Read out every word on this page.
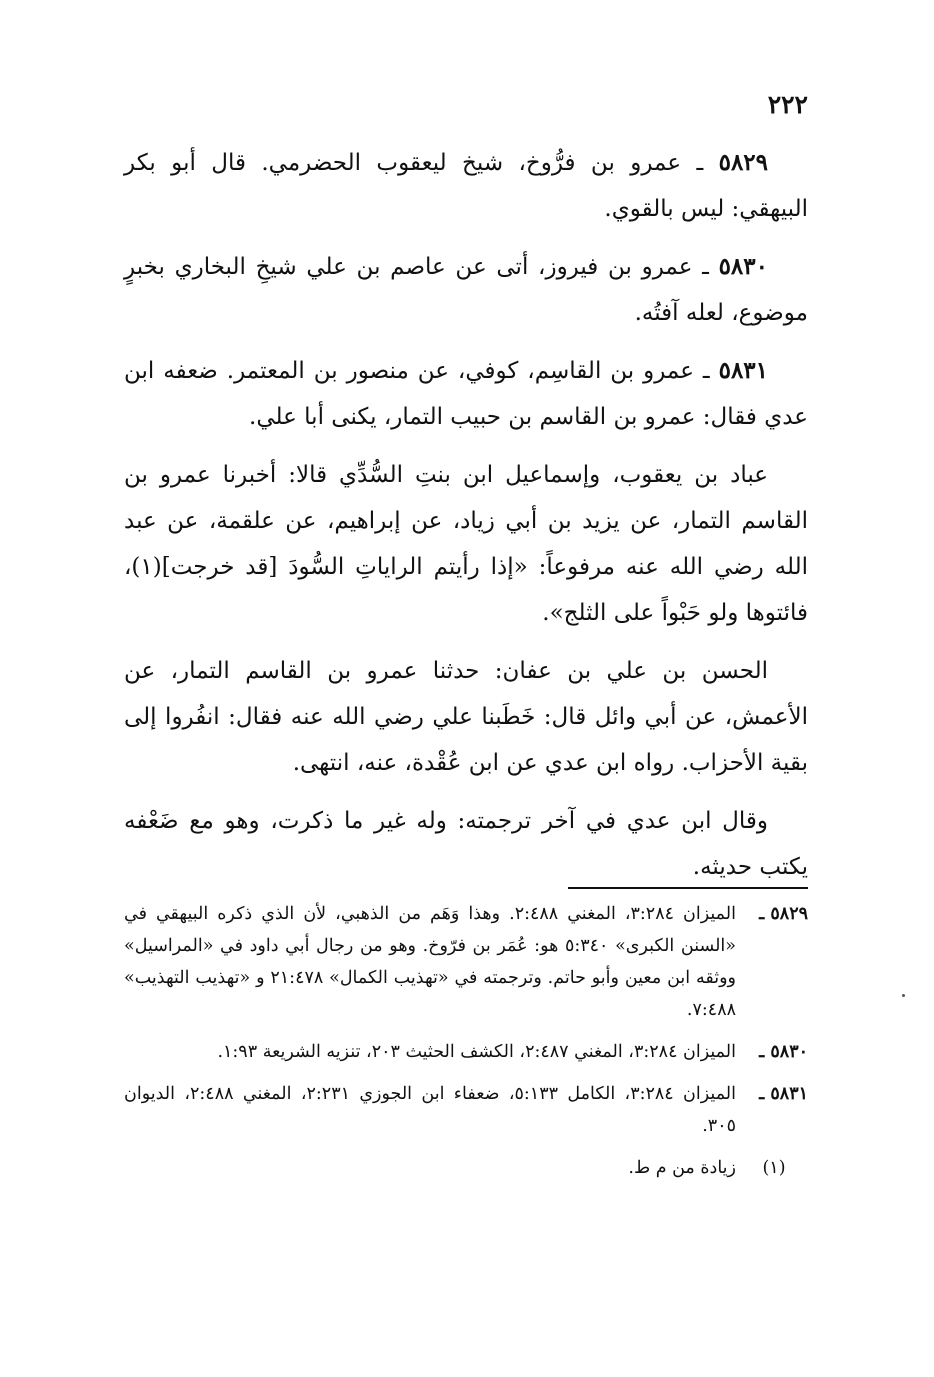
٢٢٢

٥٨٢٩ ـ عمرو بن فرُّوخ، شيخ ليعقوب الحضرمي. قال أبو بكر البيهقي: ليس بالقوي.

٥٨٣٠ ـ عمرو بن فيروز، أتى عن عاصم بن علي شيخِ البخاري بخبرٍ موضوع، لعله آفتُه.

٥٨٣١ ـ عمرو بن القاسِم، كوفي، عن منصور بن المعتمر. ضعفه ابن عدي فقال: عمرو بن القاسم بن حبيب التمار، يكنى أبا علي.

عباد بن يعقوب، وإسماعيل ابن بنتِ السُّدِّي قالا: أخبرنا عمرو بن القاسم التمار، عن يزيد بن أبي زياد، عن إبراهيم، عن علقمة، عن عبد الله رضي الله عنه مرفوعاً: «إذا رأيتم الراياتِ السُّودَ [قد خرجت](١)، فائتوها ولو حَبْواً على الثلج».

الحسن بن علي بن عفان: حدثنا عمرو بن القاسم التمار، عن الأعمش، عن أبي وائل قال: خَطَبنا علي رضي الله عنه فقال: انفُروا إلى بقية الأحزاب. رواه ابن عدي عن ابن عُقْدة، عنه، انتهى.

وقال ابن عدي في آخر ترجمته: وله غير ما ذكرت، وهو مع ضَعْفه يكتب حديثه.

٥٨٢٩ ـ
الميزان ٣:٢٨٤، المغني ٢:٤٨٨. وهذا وَهَم من الذهبي، لأن الذي ذكره البيهقي في «السنن الكبرى» ٥:٣٤٠ هو: عُمَر بن فرّوخ. وهو من رجال أبي داود في «المراسيل» ووثقه ابن معين وأبو حاتم. وترجمته في «تهذيب الكمال» ٢١:٤٧٨ و «تهذيب التهذيب» ٧:٤٨٨.
٥٨٣٠ ـ
الميزان ٣:٢٨٤، المغني ٢:٤٨٧، الكشف الحثيث ٢٠٣، تنزيه الشريعة ١:٩٣.
٥٨٣١ ـ
الميزان ٣:٢٨٤، الكامل ٥:١٣٣، ضعفاء ابن الجوزي ٢:٢٣١، المغني ٢:٤٨٨، الديوان ٣٠٥.
(١)
زيادة من م ط.
